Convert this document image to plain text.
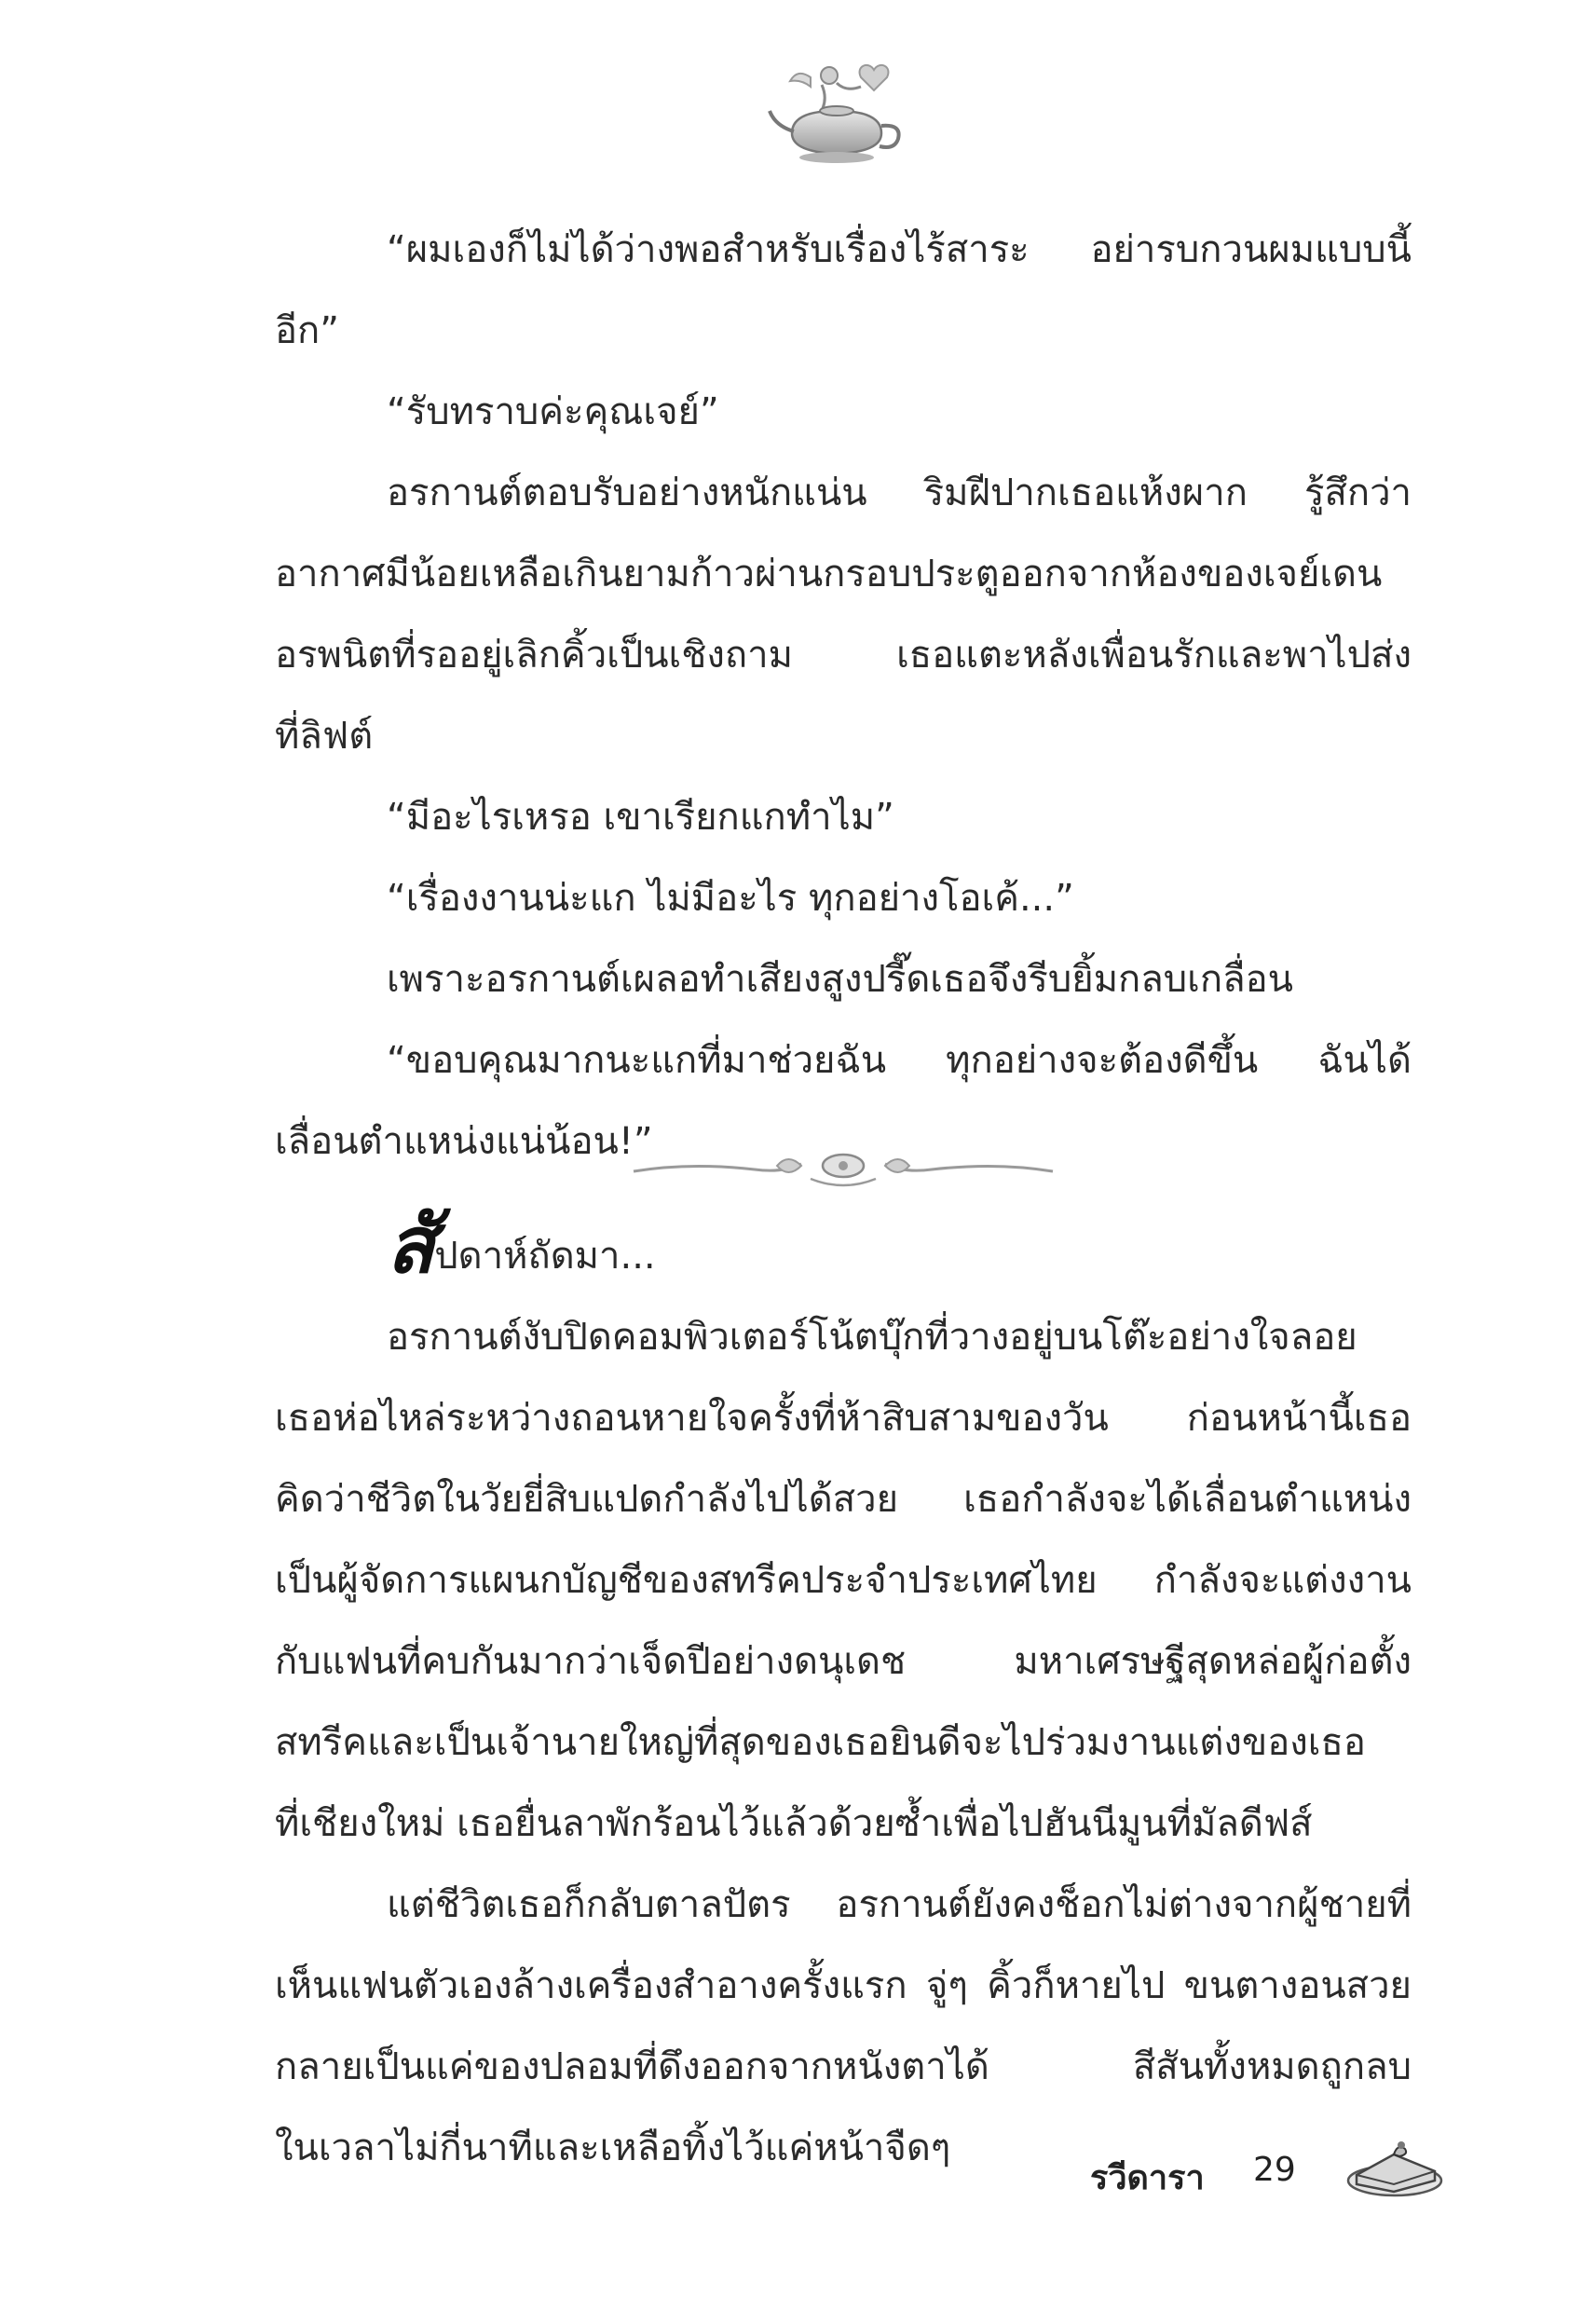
“ผมเองก็ไม่ได้ว่างพอสำหรับเรื่องไร้สาระ อย่ารบกวนผมแบบนี้

อีก”

“รับทราบค่ะคุณเจย์”

อรกานต์ตอบรับอย่างหนักแน่น ริมฝีปากเธอแห้งผาก รู้สึกว่า

อากาศมีน้อยเหลือเกินยามก้าวผ่านกรอบประตูออกจากห้องของเจย์เดน

อรพนิตที่รออยู่เลิกคิ้วเป็นเชิงถาม เธอแตะหลังเพื่อนรักและพาไปส่ง

ที่ลิฟต์

“มีอะไรเหรอ เขาเรียกแกทำไม”

“เรื่องงานน่ะแก ไม่มีอะไร ทุกอย่างโอเค้...”

เพราะอรกานต์เผลอทำเสียงสูงปรี๊ดเธอจึงรีบยิ้มกลบเกลื่อน

“ขอบคุณมากนะแกที่มาช่วยฉัน ทุกอย่างจะต้องดีขึ้น ฉันได้

เลื่อนตำแหน่งแน่น้อน!”

สัปดาห์ถัดมา...

อรกานต์งับปิดคอมพิวเตอร์โน้ตบุ๊กที่วางอยู่บนโต๊ะอย่างใจลอย

เธอห่อไหล่ระหว่างถอนหายใจครั้งที่ห้าสิบสามของวัน ก่อนหน้านี้เธอ

คิดว่าชีวิตในวัยยี่สิบแปดกำลังไปได้สวย เธอกำลังจะได้เลื่อนตำแหน่ง

เป็นผู้จัดการแผนกบัญชีของสทรีคประจำประเทศไทย กำลังจะแต่งงาน

กับแฟนที่คบกันมากว่าเจ็ดปีอย่างดนุเดช มหาเศรษฐีสุดหล่อผู้ก่อตั้ง

สทรีคและเป็นเจ้านายใหญ่ที่สุดของเธอยินดีจะไปร่วมงานแต่งของเธอ

ที่เชียงใหม่ เธอยื่นลาพักร้อนไว้แล้วด้วยซ้ำเพื่อไปฮันนีมูนที่มัลดีฟส์

แต่ชีวิตเธอก็กลับตาลปัตร อรกานต์ยังคงช็อกไม่ต่างจากผู้ชายที่

เห็นแฟนตัวเองล้างเครื่องสำอางครั้งแรก จู่ๆ คิ้วก็หายไป ขนตางอนสวย

กลายเป็นแค่ของปลอมที่ดึงออกจากหนังตาได้ สีสันทั้งหมดถูกลบ

ในเวลาไม่กี่นาทีและเหลือทิ้งไว้แค่หน้าจืดๆ

รวีดารา 29
